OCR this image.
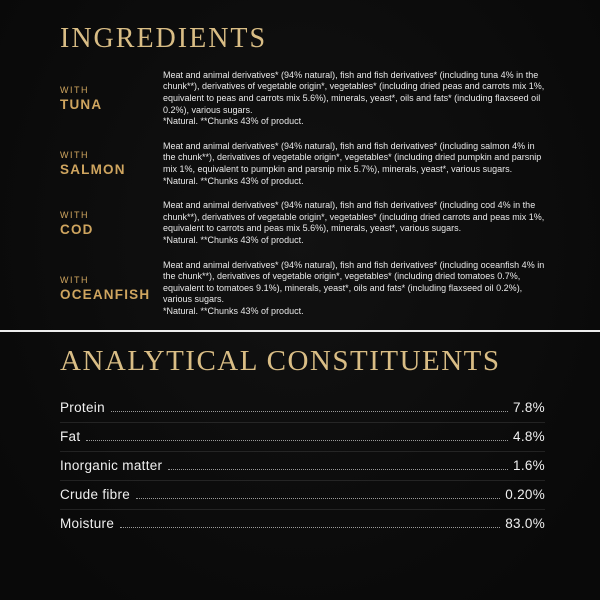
INGREDIENTS
WITH
TUNA

Meat and animal derivatives* (94% natural), fish and fish derivatives* (including tuna 4% in the chunk**), derivatives of vegetable origin*, vegetables* (including dried peas and carrots mix 1%, equivalent to peas and carrots mix 5.6%), minerals, yeast*, oils and fats* (including flaxseed oil 0.2%), various sugars.
*Natural. **Chunks 43% of product.

WITH
SALMON

Meat and animal derivatives* (94% natural), fish and fish derivatives* (including salmon 4% in the chunk**), derivatives of vegetable origin*, vegetables* (including dried pumpkin and parsnip mix 1%, equivalent to pumpkin and parsnip mix 5.7%), minerals, yeast*, various sugars.
*Natural. **Chunks 43% of product.

WITH
COD

Meat and animal derivatives* (94% natural), fish and fish derivatives* (including cod 4% in the chunk**), derivatives of vegetable origin*, vegetables* (including dried carrots and peas mix 1%, equivalent to carrots and peas mix 5.6%), minerals, yeast*, various sugars.
*Natural. **Chunks 43% of product.

WITH
OCEANFISH

Meat and animal derivatives* (94% natural), fish and fish derivatives* (including oceanfish 4% in the chunk**), derivatives of vegetable origin*, vegetables* (including dried tomatoes 0.7%, equivalent to tomatoes 9.1%), minerals, yeast*, oils and fats* (including flaxseed oil 0.2%), various sugars.
*Natural. **Chunks 43% of product.

ANALYTICAL CONSTITUENTS
Protein	7.8%
Fat	4.8%
Inorganic matter	1.6%
Crude fibre	0.20%
Moisture	83.0%
